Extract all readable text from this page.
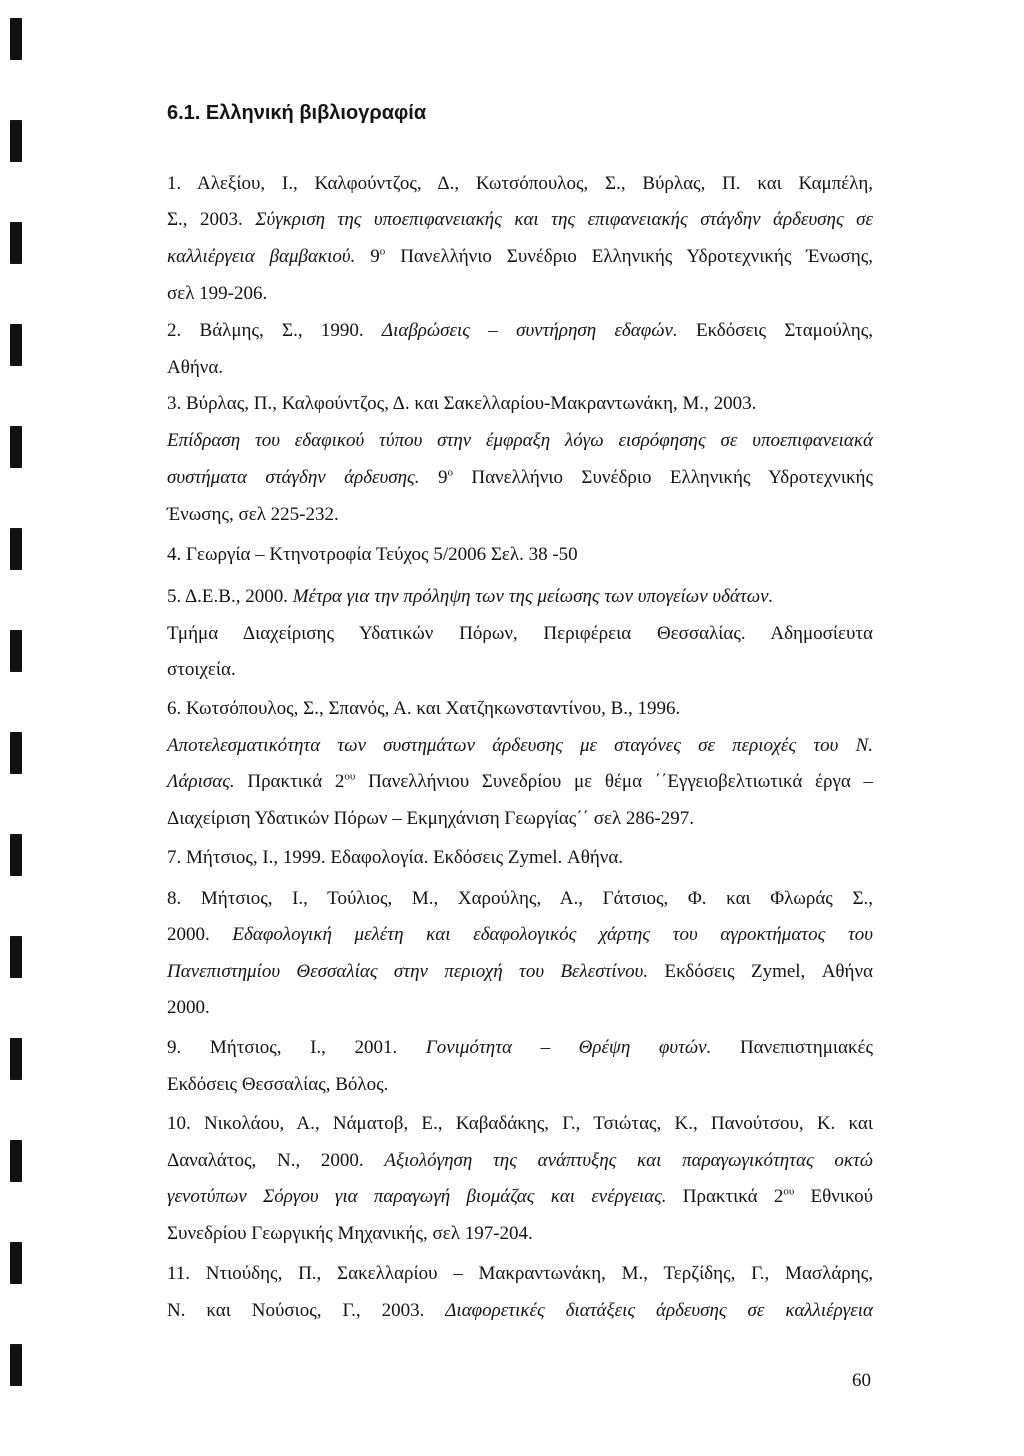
6.1. Ελληνική βιβλιογραφία
1. Αλεξίου, Ι., Καλφούντζος, Δ., Κωτσόπουλος, Σ., Βύρλας, Π. και Καμπέλη,
Σ., 2003. Σύγκριση της υποεπιφανειακής και της επιφανειακής στάγδην άρδευσης σε
καλλιέργεια βαμβακιού. $9^o$ Πανελλήνιο Συνέδριο Ελληνικής Υδροτεχνικής Ένωσης,
σελ 199-206.
2. Βάλμης, Σ., 1990. Διαβρώσεις – συντήρηση εδαφών. Εκδόσεις Σταμούλης,
Αθήνα.
3. Βύρλας, Π., Καλφούντζος, Δ. και Σακελλαρίου-Μακραντωνάκη, Μ., 2003.
Επίδραση του εδαφικού τύπου στην έμφραξη λόγω εισρόφησης σε υποεπιφανειακά
συστήματα στάγδην άρδευσης. $9^o$ Πανελλήνιο Συνέδριο Ελληνικής Υδροτεχνικής
Ένωσης, σελ 225-232.
4. Γεωργία – Κτηνοτροφία Τεύχος 5/2006 Σελ. 38 -50
5. Δ.Ε.Β., 2000. Μέτρα για την πρόληψη των της μείωσης των υπογείων υδάτων.
Τμήμα Διαχείρισης Υδατικών Πόρων, Περιφέρεια Θεσσαλίας. Αδημοσίευτα
στοιχεία.
6. Κωτσόπουλος, Σ., Σπανός, Α. και Χατζηκωνσταντίνου, Β., 1996.
Αποτελεσματικότητα των συστημάτων άρδευσης με σταγόνες σε περιοχές του Ν.
Λάρισας. Πρακτικά $2^{o\upsilon}$ Πανελλήνιου Συνεδρίου με θέμα ΄΄Εγγειοβελτιωτικά έργα –
Διαχείριση Υδατικών Πόρων – Εκμηχάνιση Γεωργίας΄΄ σελ 286-297.
7. Μήτσιος, Ι., 1999. Εδαφολογία. Εκδόσεις Zymel. Αθήνα.
8. Μήτσιος, Ι., Τούλιος, Μ., Χαρούλης, Α., Γάτσιος, Φ. και Φλωράς Σ.,
2000. Εδαφολογική μελέτη και εδαφολογικός χάρτης του αγροκτήματος του
Πανεπιστημίου Θεσσαλίας στην περιοχή του Βελεστίνου. Εκδόσεις Zymel, Αθήνα
2000.
9. Μήτσιος, Ι., 2001. Γονιμότητα – Θρέψη φυτών. Πανεπιστημιακές
Εκδόσεις Θεσσαλίας, Βόλος.
10. Νικολάου, Α., Νάματοβ, Ε., Καβαδάκης, Γ., Τσιώτας, Κ., Πανούτσου, Κ. και
Δαναλάτος, Ν., 2000. Αξιολόγηση της ανάπτυξης και παραγωγικότητας οκτώ
γενοτύπων Σόργου για παραγωγή βιομάζας και ενέργειας. Πρακτικά $2^{o\upsilon}$ Εθνικού
Συνεδρίου Γεωργικής Μηχανικής, σελ 197-204.
11. Ντιούδης, Π., Σακελλαρίου – Μακραντωνάκη, Μ., Τερζίδης, Γ., Μασλάρης,
Ν. και Νούσιος, Γ., 2003. Διαφορετικές διατάξεις άρδευσης σε καλλιέργεια
60
